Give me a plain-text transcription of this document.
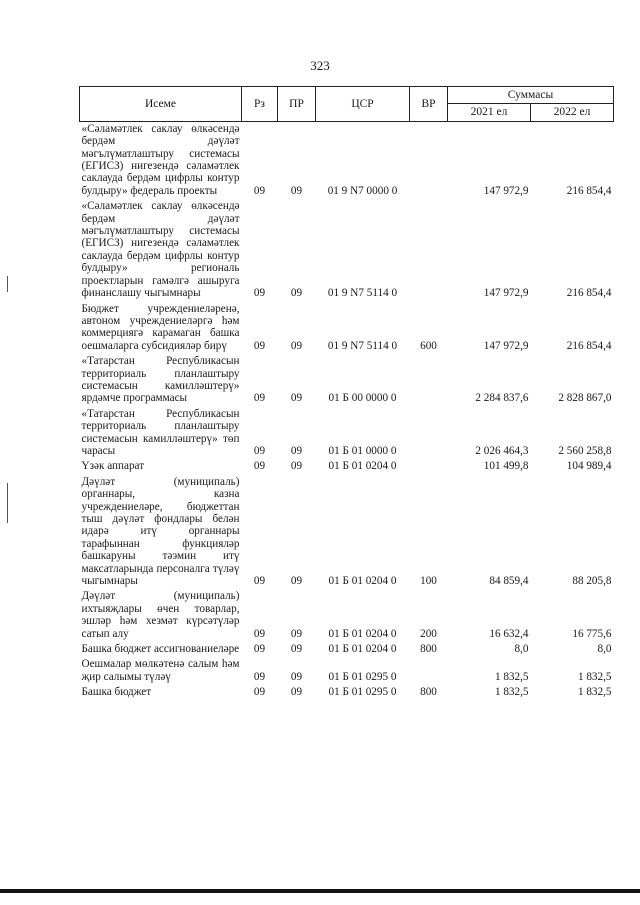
323
Исеме	Рз	ПР	ЦСР	ВР	Суммасы	
					2021 ел	2022 ел
«Сәламәтлек саклау өлкәсендә бердәм дәүләт мәгълүматлаштыру системасы (ЕГИСЗ) нигезендә сәламәтлек саклауда бердәм цифрлы контур булдыру» федераль проекты	09	09	01 9 N7 0000 0		147 972,9	216 854,4
«Сәламәтлек саклау өлкәсендә бердәм дәүләт мәгълүматлаштыру системасы (ЕГИСЗ) нигезендә сәламәтлек саклауда бердәм цифрлы контур булдыру» региональ проектларын гамәлгә ашыруга финанслашу чыгымнары	09	09	01 9 N7 5114 0		147 972,9	216 854,4
Бюджет учреждениеләренә, автоном учреждениеләргә һәм коммерциягә карамаган башка оешмаларга субсидияләр бирү	09	09	01 9 N7 5114 0	600	147 972,9	216 854,4
«Татарстан Республикасын территориаль планлаштыру системасын камилләштерү» ярдәмче программасы	09	09	01 Б 00 0000 0		2 284 837,6	2 828 867,0
«Татарстан Республикасын территориаль планлаштыру системасын камилләштерү» төп чарасы	09	09	01 Б 01 0000 0		2 026 464,3	2 560 258,8
Үзәк аппарат	09	09	01 Б 01 0204 0		101 499,8	104 989,4
Дәүләт (муниципаль) органнары, казна учреждениеләре, бюджеттан тыш дәүләт фондлары белән идарә итү органнары тарафыннан функцияләр башкаруны тәэмин итү максатларында персоналга түләү чыгымнары	09	09	01 Б 01 0204 0	100	84 859,4	88 205,8
Дәүләт (муниципаль) ихтыяҗлары өчен товарлар, эшләр һәм хезмәт күрсәтүләр сатып алу	09	09	01 Б 01 0204 0	200	16 632,4	16 775,6
Башка бюджет ассигнованиеләре	09	09	01 Б 01 0204 0	800	8,0	8,0
Оешмалар мөлкәтенә салым һәм җир салымы түләү	09	09	01 Б 01 0295 0		1 832,5	1 832,5
Башка бюджет	09	09	01 Б 01 0295 0	800	1 832,5	1 832,5
